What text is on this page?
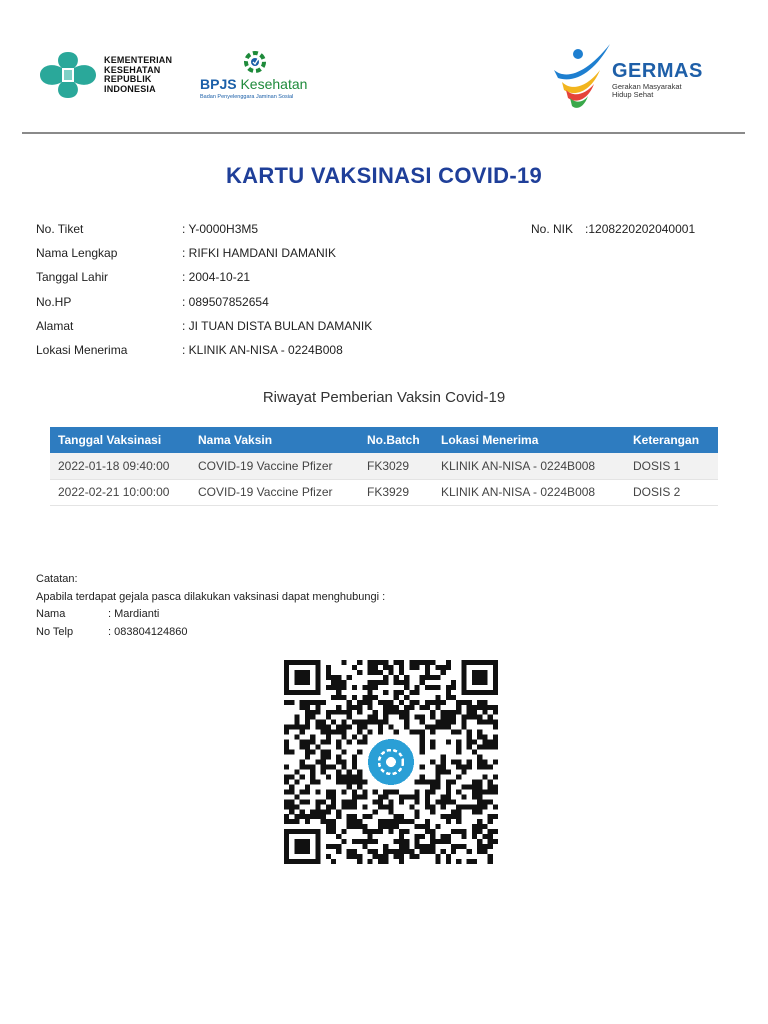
KEMENTERIAN
KESEHATAN
REPUBLIK
INDONESIA	BPJS Kesehatan
Badan Penyelenggara Jaminan Sosial
GERMAS
Gerakan Masyarakat Hidup Sehat
KARTU VAKSINASI COVID-19
No. Tiket	: Y-0000H3M5	No. NIK :1208220202040001
Nama Lengkap	: RIFKI HAMDANI DAMANIK
Tanggal Lahir	: 2004-10-21
No.HP	: 089507852654
Alamat	: JI TUAN DISTA BULAN DAMANIK
Lokasi Menerima	: KLINIK AN-NISA - 0224B008
Riwayat Pemberian Vaksin Covid-19
Tanggal Vaksinasi	Nama Vaksin	No.Batch	Lokasi Menerima	Keterangan
2022-01-18 09:40:00	COVID-19 Vaccine Pfizer	FK3029	KLINIK AN-NISA - 0224B008	DOSIS 1
2022-02-21 10:00:00	COVID-19 Vaccine Pfizer	FK3929	KLINIK AN-NISA - 0224B008	DOSIS 2
Catatan:
Apabila terdapat gejala pasca dilakukan vaksinasi dapat menghubungi :
Nama	: Mardianti
No Telp	: 083804124860
